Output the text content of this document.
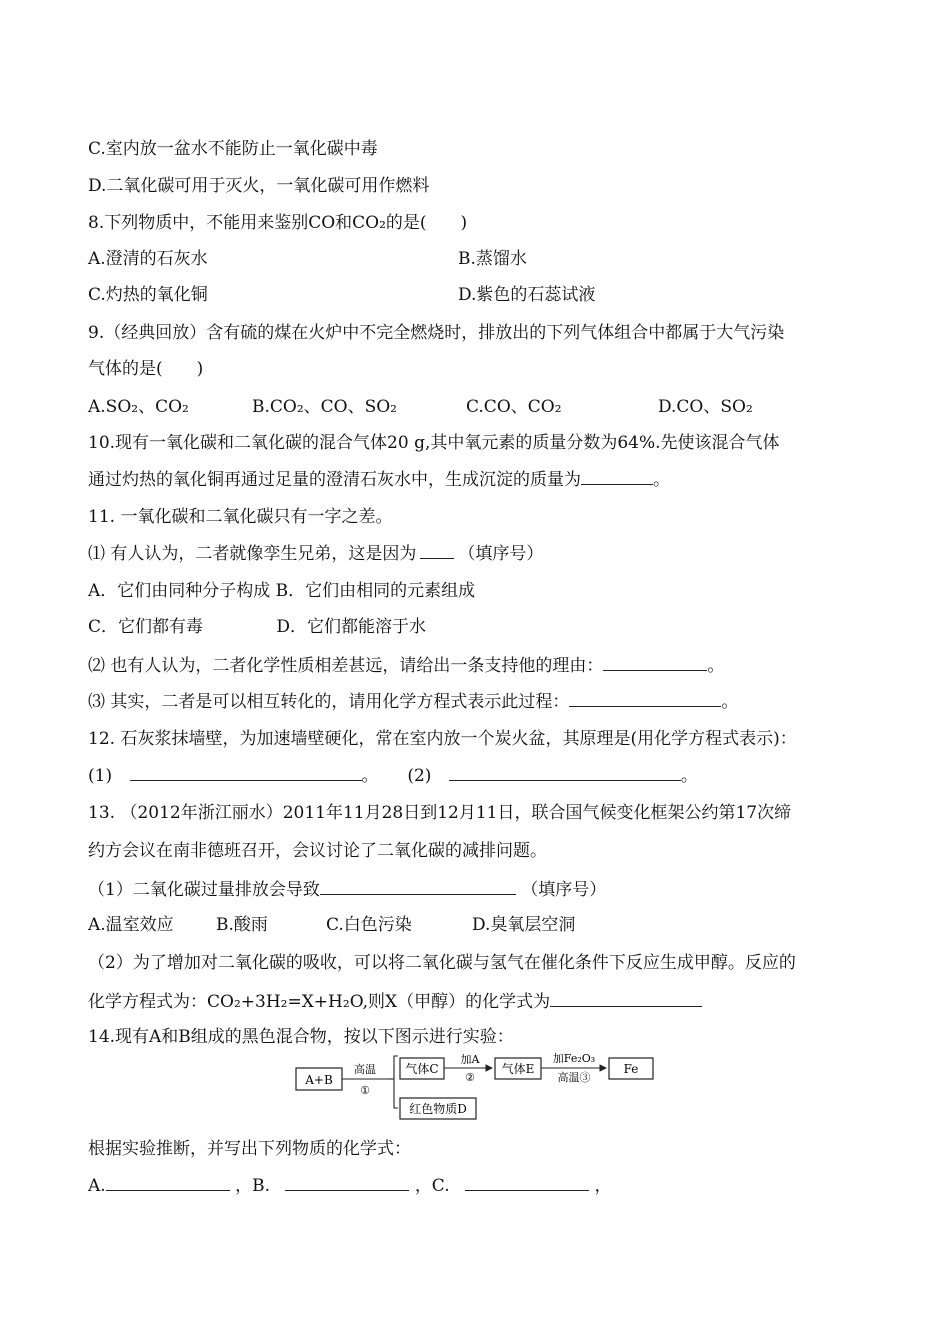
C.室内放一盆水不能防止一氧化碳中毒
D.二氧化碳可用于灭火，一氧化碳可用作燃料
8.下列物质中，不能用来鉴别CO和CO₂的是(　　)
A.澄清的石灰水	B.蒸馏水
C.灼热的氧化铜	D.紫色的石蕊试液
9.（经典回放）含有硫的煤在火炉中不完全燃烧时，排放出的下列气体组合中都属于大气污染
气体的是(　　)
A.SO₂、CO₂	B.CO₂、CO、SO₂	C.CO、CO₂	D.CO、SO₂
10.现有一氧化碳和二氧化碳的混合气体20 g,其中氧元素的质量分数为64%.先使该混合气体
通过灼热的氧化铜再通过足量的澄清石灰水中，生成沉淀的质量为	。
11. 一氧化碳和二氧化碳只有一字之差。
⑴ 有人认为，二者就像孪生兄弟，这是因为 （填序号）
A．它们由同种分子构成 B．它们由相同的元素组成
C．它们都有毒　　　　 D．它们都能溶于水
⑵ 也有人认为，二者化学性质相差甚远，请给出一条支持他的理由：	。
⑶ 其实，二者是可以相互转化的，请用化学方程式表示此过程：	。
12. 石灰浆抹墙壁，为加速墙壁硬化，常在室内放一个炭火盆，其原理是(用化学方程式表示)：
(1)	。 (2)	。
13. （2012年浙江丽水）2011年11月28日到12月11日，联合国气候变化框架公约第17次缔
约方会议在南非德班召开，会议讨论了二氧化碳的减排问题。
（1）二氧化碳过量排放会导致	（填序号）
A.温室效应 B.酸雨	C.白色污染	D.臭氧层空洞
（2）为了增加对二氧化碳的吸收，可以将二氧化碳与氢气在催化条件下反应生成甲醇。反应的
化学方程式为：CO₂+3H₂=X+H₂O,则X（甲醇）的化学式为
14.现有A和B组成的黑色混合物，按以下图示进行实验：
A+B
高温
①
气体C
加A
②
气体E
加Fe₂O₃
高温③
Fe
红色物质D
根据实验推断，并写出下列物质的化学式：
A.	，B.	，C.	，
